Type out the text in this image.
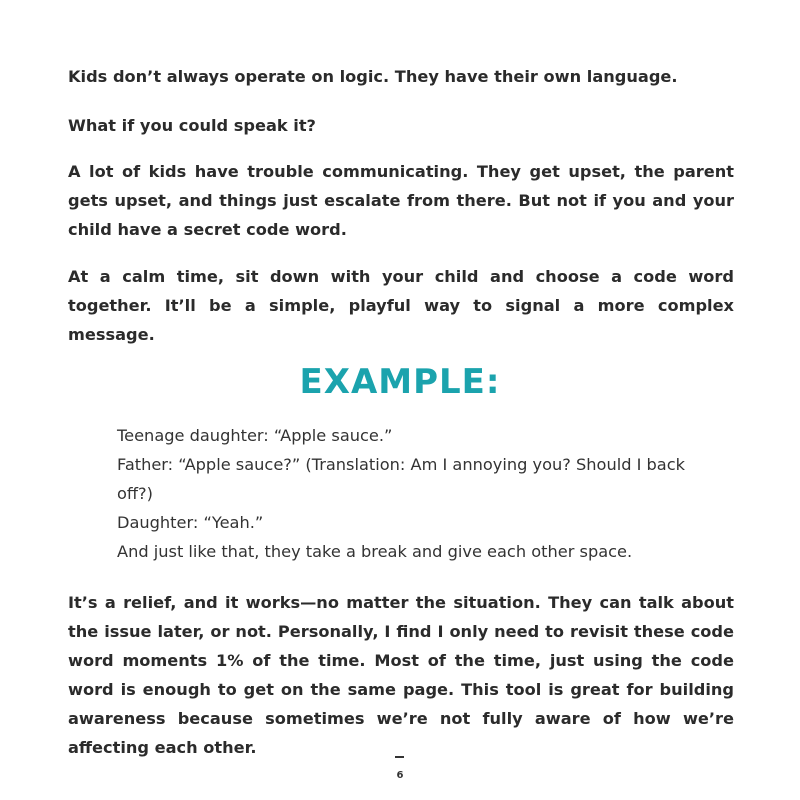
Kids don’t always operate on logic. They have their own language.

What if you could speak it?

A lot of kids have trouble communicating. They get upset, the parent gets upset, and things just escalate from there. But not if you and your child have a secret code word.

At a calm time, sit down with your child and choose a code word together. It’ll be a simple, playful way to signal a more complex message.

EXAMPLE:
Teenage daughter: “Apple sauce.”
Father: “Apple sauce?” (Translation: Am I annoying you? Should I back off?)
Daughter: “Yeah.”
And just like that, they take a break and give each other space.

It’s a relief, and it works—no matter the situation. They can talk about the issue later, or not. Personally, I find I only need to revisit these code word moments 1% of the time. Most of the time, just using the code word is enough to get on the same page. This tool is great for building awareness because sometimes we’re not fully aware of how we’re affecting each other.

6
